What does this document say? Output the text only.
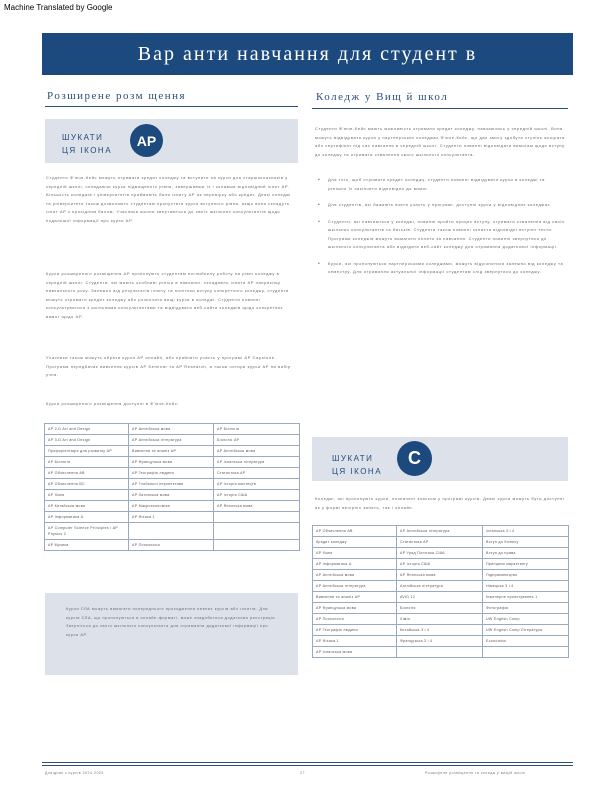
Machine Translated by Google
Вар анти навчання для студент в
Розширене розм щення
ШУКАТИ
ЦЯ ІКОНА
AP
Студенти Ф'юче-Кейс можуть отримати кредит коледжу та вступити на курси для старшокласників у середній школі, складаючи курси підвищеного рівня, завершивши їх і склавши відповідний іспит AP. Більшість коледжів і університетів приймають бали іспиту AP як перевірку або кредит. Деякі коледжі та університети також дозволяють студентам пропустити курси вступного рівня, якщо вони складуть іспит AP з прохідним балом. Учасники школи звертаються до своїх шкільних консультантів щодо подальшої інформації про курси AP.
Курси розширеного розміщення AP пропонують студентам поглиблену роботу на рівні коледжу в середній школі. Студенти, які мають особливі успіхи в навчанні, складають іспити AP наприкінці навчального року. Залежно від результатів іспиту та політики вступу конкретного коледжу, студенти можуть отримати кредит коледжу або розпочати вищі курси в коледжі. Студенти повинні консультуватися з шкільними консультантами та відвідувати веб-сайти коледжів щодо конкретних вимог щодо AP.
Учасники також можуть обрати курси AP онлайн, або прийняти участь у програмі AP Capstone. Програма передбачає вивчення курсів AP Seminar та AP Research, а також чотири курси AP на вибір учня.
Курси розширеного розміщення доступні в Ф'юче-Кейс:
AP 2-D Art and Design	AP Англійська мова	AP Біологія
AP 3-D Art and Design	AP Англійська література	Біологія AP
Профорієнтація для розвитку AP	Вивчення та аналіз AP	AP Англійська мова
AP Біологія	AP Французька мова	AP Іспанська література
AP Обчислення AB	AP Географія людини	Статистика AP
AP Обчислення BC	AP Глобальні перспективи	AP Історія мистецтв
AP Хімія	AP Латинська мова	AP Історія США
AP Китайська мова	AP Макроекономіка	AP Японська мова
AP Інформатика A	AP Фізика 1	
AP Computer Science Principles / AP Physics 2		
AP Музика	AP Психологія	
Курси СЛА можуть вимагати попереднього проходження певних курсів або іспитів. Для курсів СЛА, що пропонуються в онлайн-форматі, може знадобитися додаткова реєстрація. Зверніться до свого шкільного консультанта для отримання додаткової інформації про курси AP.
Коледж у Вищ й школ
Студенти Ф'юче-Кейс мають можливість отримати кредит коледжу, навчаючись у середній школі. Вони можуть відвідувати курси у партнерських коледжах Ф'юче-Кейс, що дає змогу здобути ступінь асоціата або сертифікат під час навчання в середній школі. Студенти повинні відповідати вимогам щодо вступу до коледжу та отримати схвалення свого шкільного консультанта.
• Для того, щоб отримати кредит коледжу, студенти повинні відвідувати курси в коледжі та успішно їх закінчити відповідно до вимог.
• Для студентів, які бажають взяти участь у програмі, доступні курси у відповідних коледжах.
• Студенти, які навчаються у коледжі, повинні пройти процес вступу, отримати схвалення від своїх шкільних консультантів та батьків. Студенти також повинні скласти відповідні вступні тести. Програми коледжів можуть вимагати оплати за навчання. Студенти повинні звернутися до шкільного консультанта або відвідати веб-сайт коледжу для отримання додаткової інформації.
• Курси, які пропонуються партнерськими коледжами, можуть відрізнятися залежно від коледжу та семестру. Для отримання актуальної інформації студентам слід звернутися до коледжу.
ШУКАТИ
ЦЯ ІКОНА
C
Коледжі, які пропонують курси, позначені значком у програмі курсів. Деякі курси можуть бути доступні як у формі вечірніх занять, так і онлайн.
AP Обчислення AB	AP Англійська література	Іспанська 3 і 4
Кредит коледжу	Статистика AP	Вступ до бізнесу
AP Хімія	AP Уряд Політика США	Вступ до права
AP Інформатика A	AP Історія США	Принципи маркетингу
AP Англійська мова	AP Японська мова	Підприємництво
AP Англійська література	Англійська література	Німецька 3 і 4
Вивчення та аналіз AP	AVID 12	Інженерне проектування 1
AP Французька мова	Біологія	Фотографія
AP Психологія	Хімія	UW English Comp
AP Географія людини	Китайська 3 і 4	UW English Comp Література
AP Фізика 1	Французька 3 і 4	Economics
AP Іспанська мова		
Довідник з курсів 2024-2025	27	Розширене розміщення та коледж у вищій школі
